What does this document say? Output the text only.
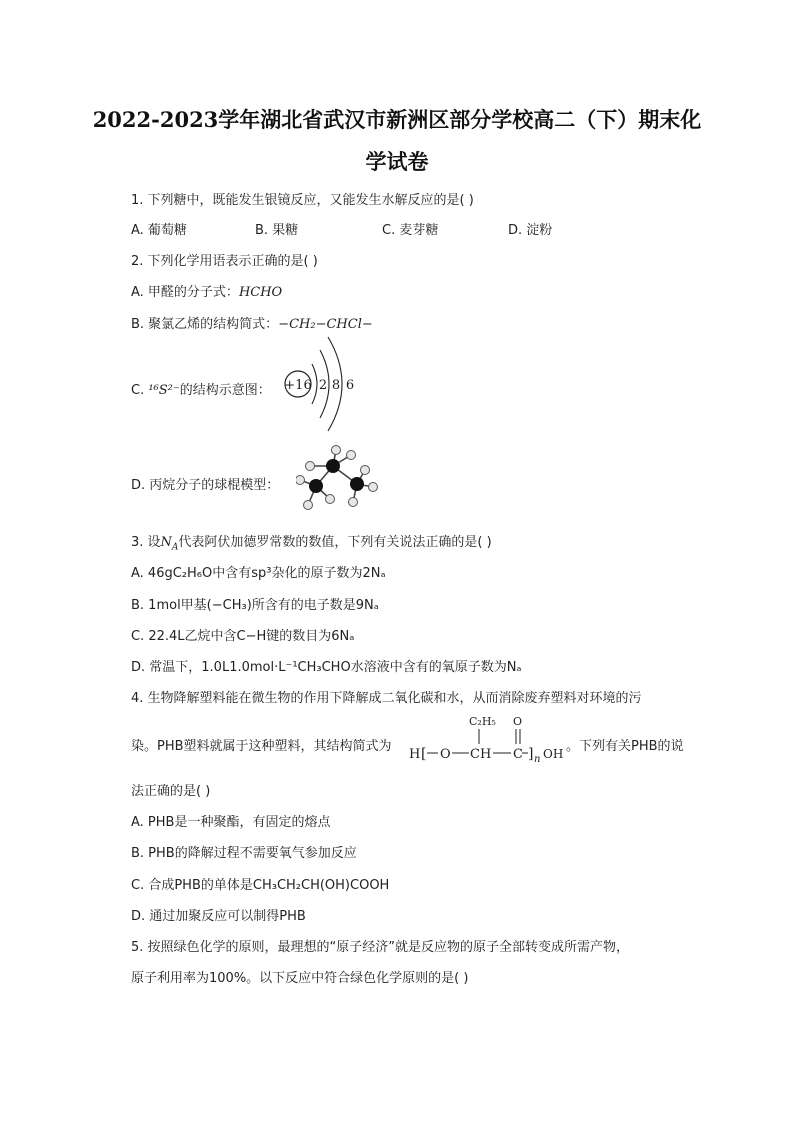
2022-2023学年湖北省武汉市新洲区部分学校高二（下）期末化
学试卷
1. 下列糖中，既能发生银镜反应，又能发生水解反应的是( )
A. 葡萄糖	B. 果糖	C. 麦芽糖	D. 淀粉
2. 下列化学用语表示正确的是( )
A. 甲醛的分子式：HCHO
B. 聚氯乙烯的结构简式：−CH₂−CHCl−
C. ¹⁶S²⁻的结构示意图： +16 2 8 6
D. 丙烷分子的球棍模型：
3. 设$N_A$代表阿伏加德罗常数的数值，下列有关说法正确的是( )
A. 46gC₂H₆O中含有sp³杂化的原子数为2Nₐ
B. 1mol甲基(−CH₃)所含有的电子数是9Nₐ
C. 22.4L乙烷中含C−H键的数目为6Nₐ
D. 常温下，1.0L1.0mol·L⁻¹CH₃CHO水溶液中含有的氧原子数为Nₐ
4. 生物降解塑料能在微生物的作用下降解成二氧化碳和水，从而消除废弃塑料对环境的污
染。PHB塑料就属于这种塑料，其结构简式为
H [ O CH
C₂H₅
C
O
] n OH 。下列有关PHB的说
法正确的是( )
A. PHB是一种聚酯，有固定的熔点
B. PHB的降解过程不需要氧气参加反应
C. 合成PHB的单体是CH₃CH₂CH(OH)COOH
D. 通过加聚反应可以制得PHB
5. 按照绿色化学的原则，最理想的“原子经济”就是反应物的原子全部转变成所需产物，
原子利用率为100%。以下反应中符合绿色化学原则的是( )
